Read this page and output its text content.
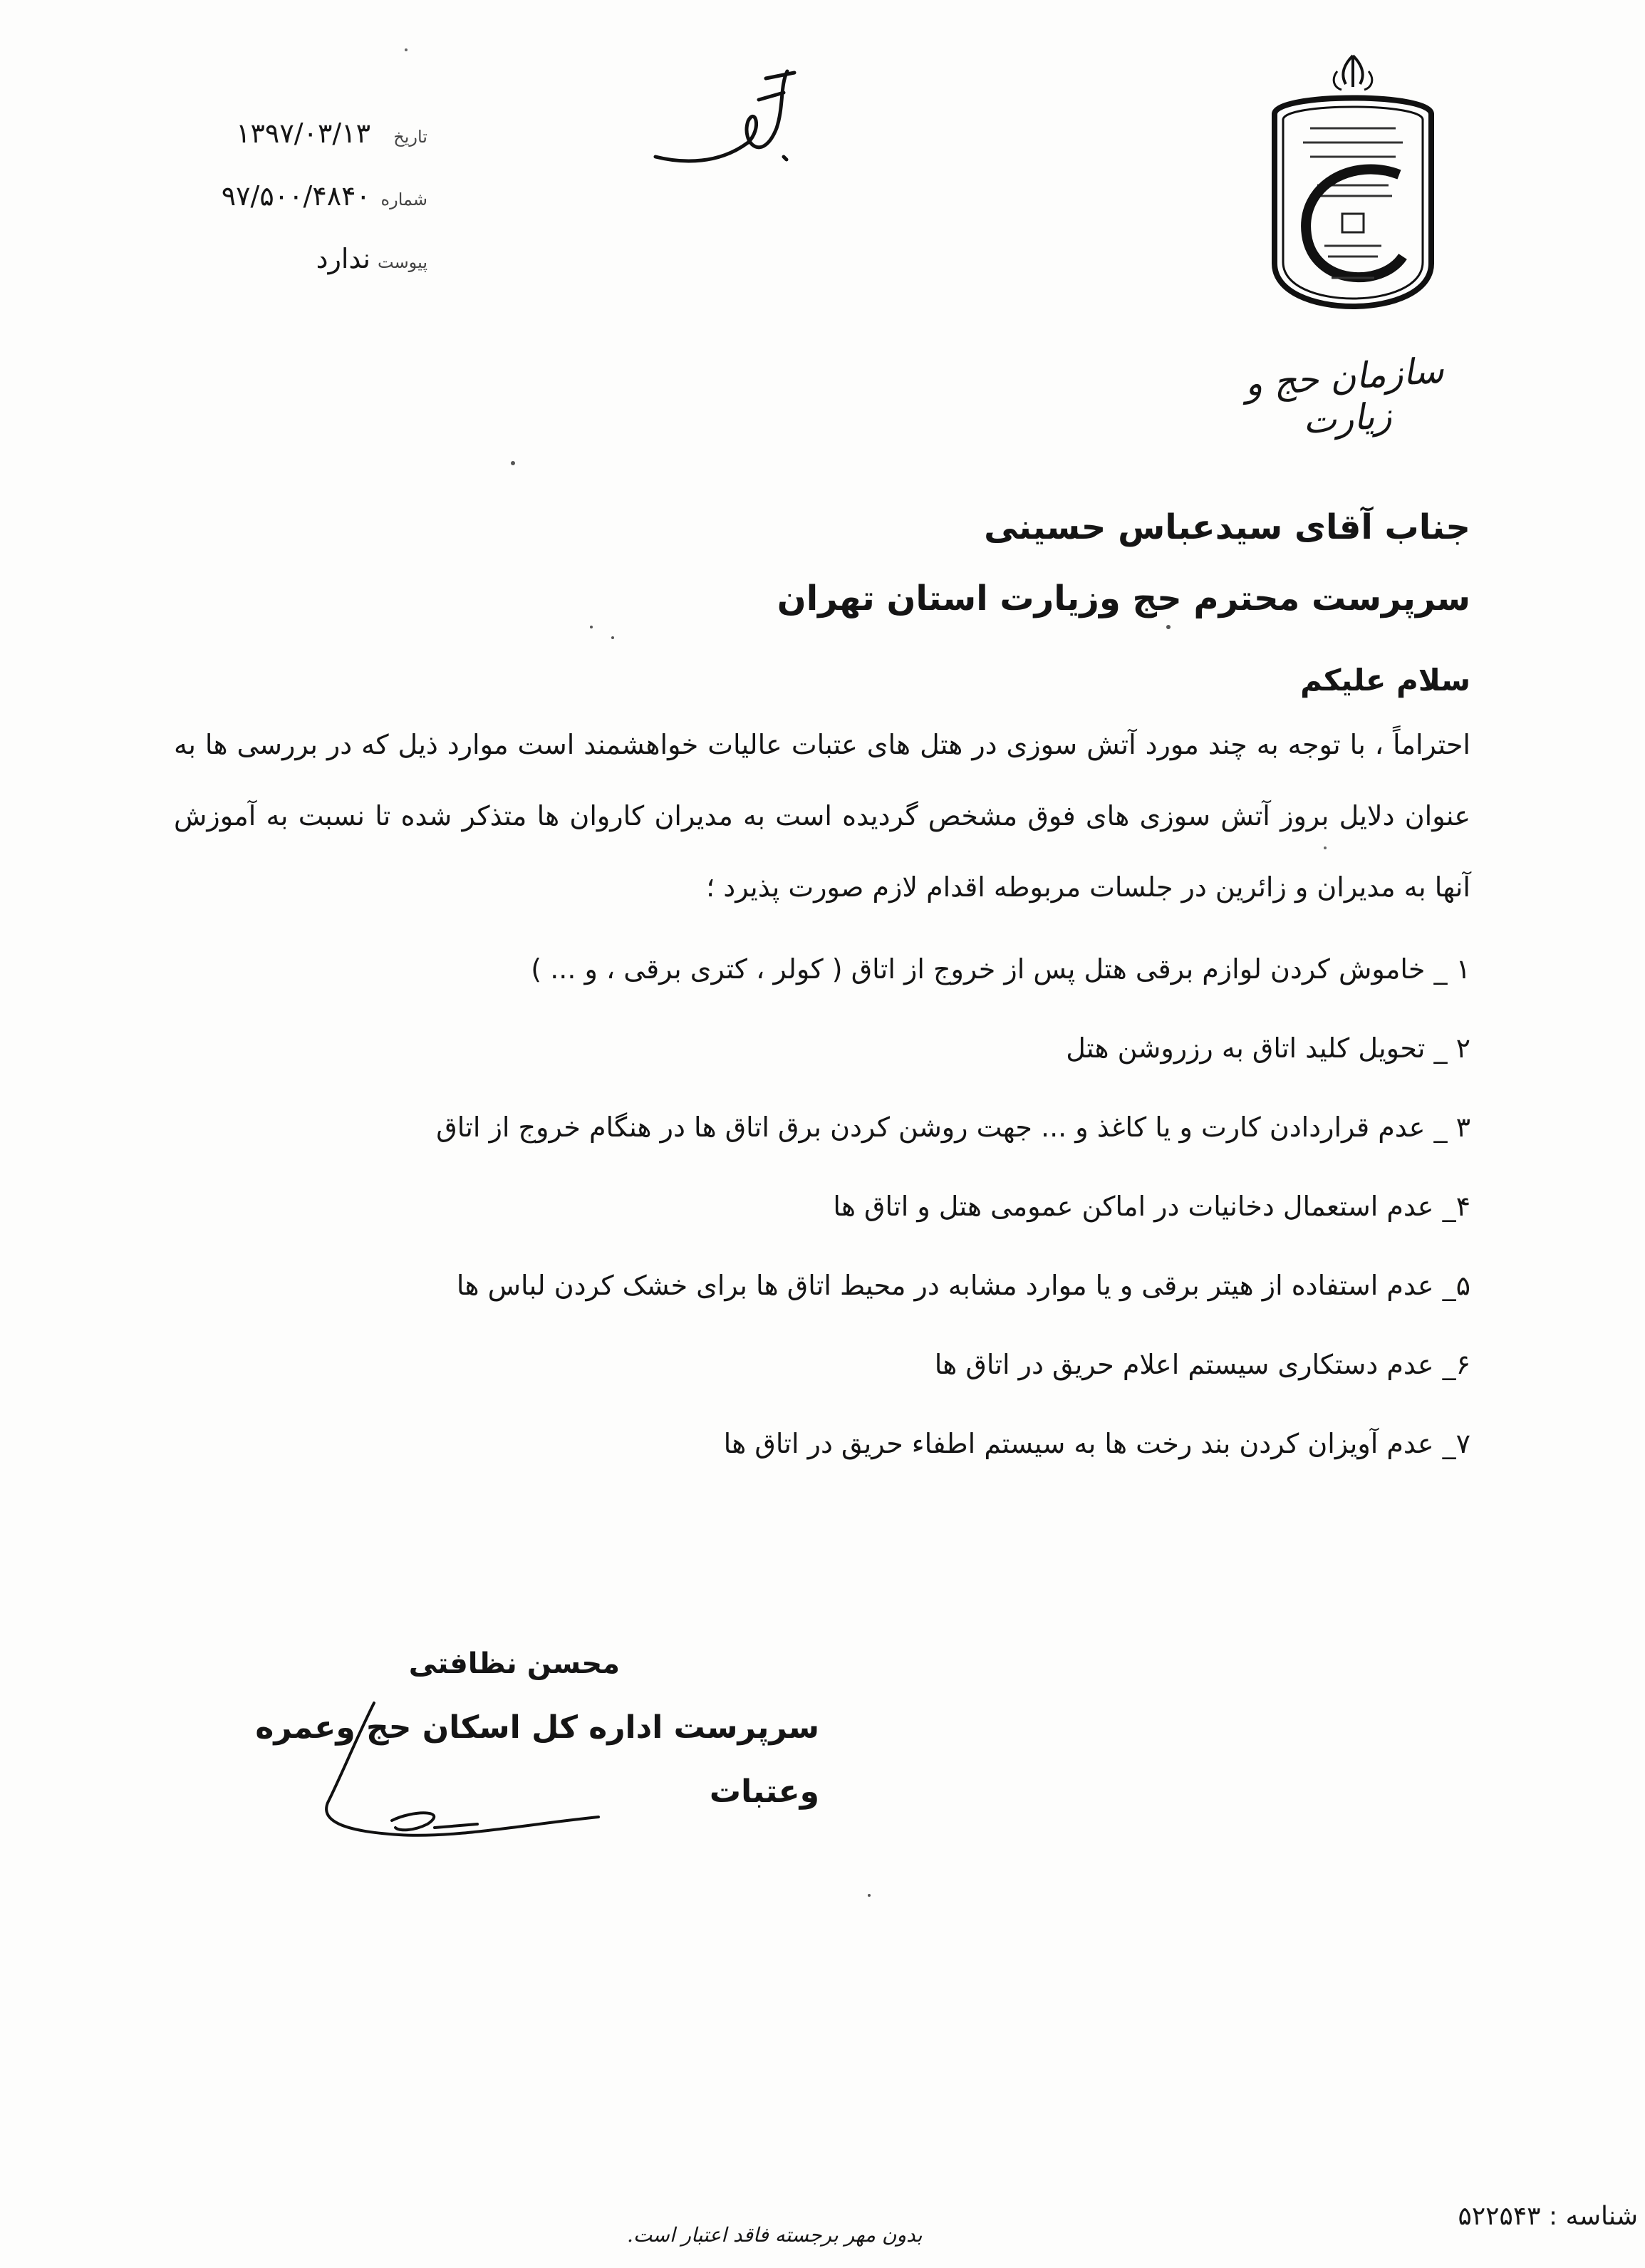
سازمان حج و زیارت
تاریخ
۱۳۹۷/۰۳/۱۳
شماره
۹۷/۵۰۰/۴۸۴۰
پیوست
ندارد
جناب آقای سیدعباس حسینی
سرپرست محترم حج وزیارت استان تهران
سلام علیکم
احتراماً ، با توجه به چند مورد آتش سوزی در هتل های عتبات عالیات خواهشمند است موارد ذیل که در بررسی ها به عنوان دلایل بروز آتش سوزی های فوق مشخص گردیده است به مدیران کاروان ها متذکر شده تا نسبت به آموزش آنها به مدیران و زائرین در جلسات مربوطه اقدام لازم صورت پذیرد ؛
۱ _ خاموش کردن لوازم برقی هتل پس از خروج از اتاق ( کولر ، کتری برقی ، و ... )
۲ _ تحویل کلید اتاق به رزروشن هتل
۳ _ عدم قراردادن کارت و یا کاغذ و ... جهت روشن کردن برق اتاق ها در هنگام خروج از اتاق
۴_ عدم استعمال دخانیات در اماکن عمومی هتل و اتاق ها
۵_ عدم استفاده از هیتر برقی و یا موارد مشابه در محیط اتاق ها برای خشک کردن لباس ها
۶_ عدم دستکاری سیستم اعلام حریق در اتاق ها
۷_ عدم آویزان کردن بند رخت ها به سیستم اطفاء حریق در اتاق ها
محسن نظافتی
سرپرست اداره کل اسکان حج وعمره وعتبات
شناسه : ۵۲۲۵۴۳
بدون مهر برجسته فاقد اعتبار است.
